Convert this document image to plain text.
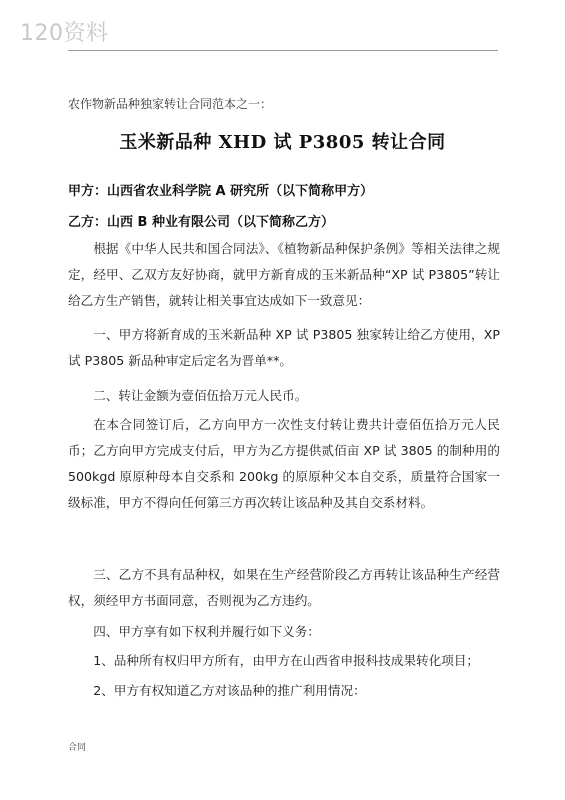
120资料
农作物新品种独家转让合同范本之一：
玉米新品种 XHD 试 P3805 转让合同
甲方：山西省农业科学院 A 研究所（以下简称甲方）
乙方：山西 B 种业有限公司（以下简称乙方）

根据《中华人民共和国合同法》、《植物新品种保护条例》等相关法律之规定，经甲、乙双方友好协商，就甲方新育成的玉米新品种“XP 试 P3805”转让给乙方生产销售，就转让相关事宜达成如下一致意见：

一、甲方将新育成的玉米新品种 XP 试 P3805 独家转让给乙方使用，XP 试 P3805 新品种审定后定名为晋单**。

二、转让金额为壹佰伍拾万元人民币。

在本合同签订后，乙方向甲方一次性支付转让费共计壹佰伍拾万元人民币；乙方向甲方完成支付后，甲方为乙方提供贰佰亩 XP 试 3805 的制种用的 500kgd 原原种母本自交系和 200kg 的原原种父本自交系，质量符合国家一级标准，甲方不得向任何第三方再次转让该品种及其自交系材料。

三、乙方不具有品种权，如果在生产经营阶段乙方再转让该品种生产经营权，须经甲方书面同意，否则视为乙方违约。

四、甲方享有如下权利并履行如下义务：

1、品种所有权归甲方所有，由甲方在山西省申报科技成果转化项目；

2、甲方有权知道乙方对该品种的推广利用情况：

合同
